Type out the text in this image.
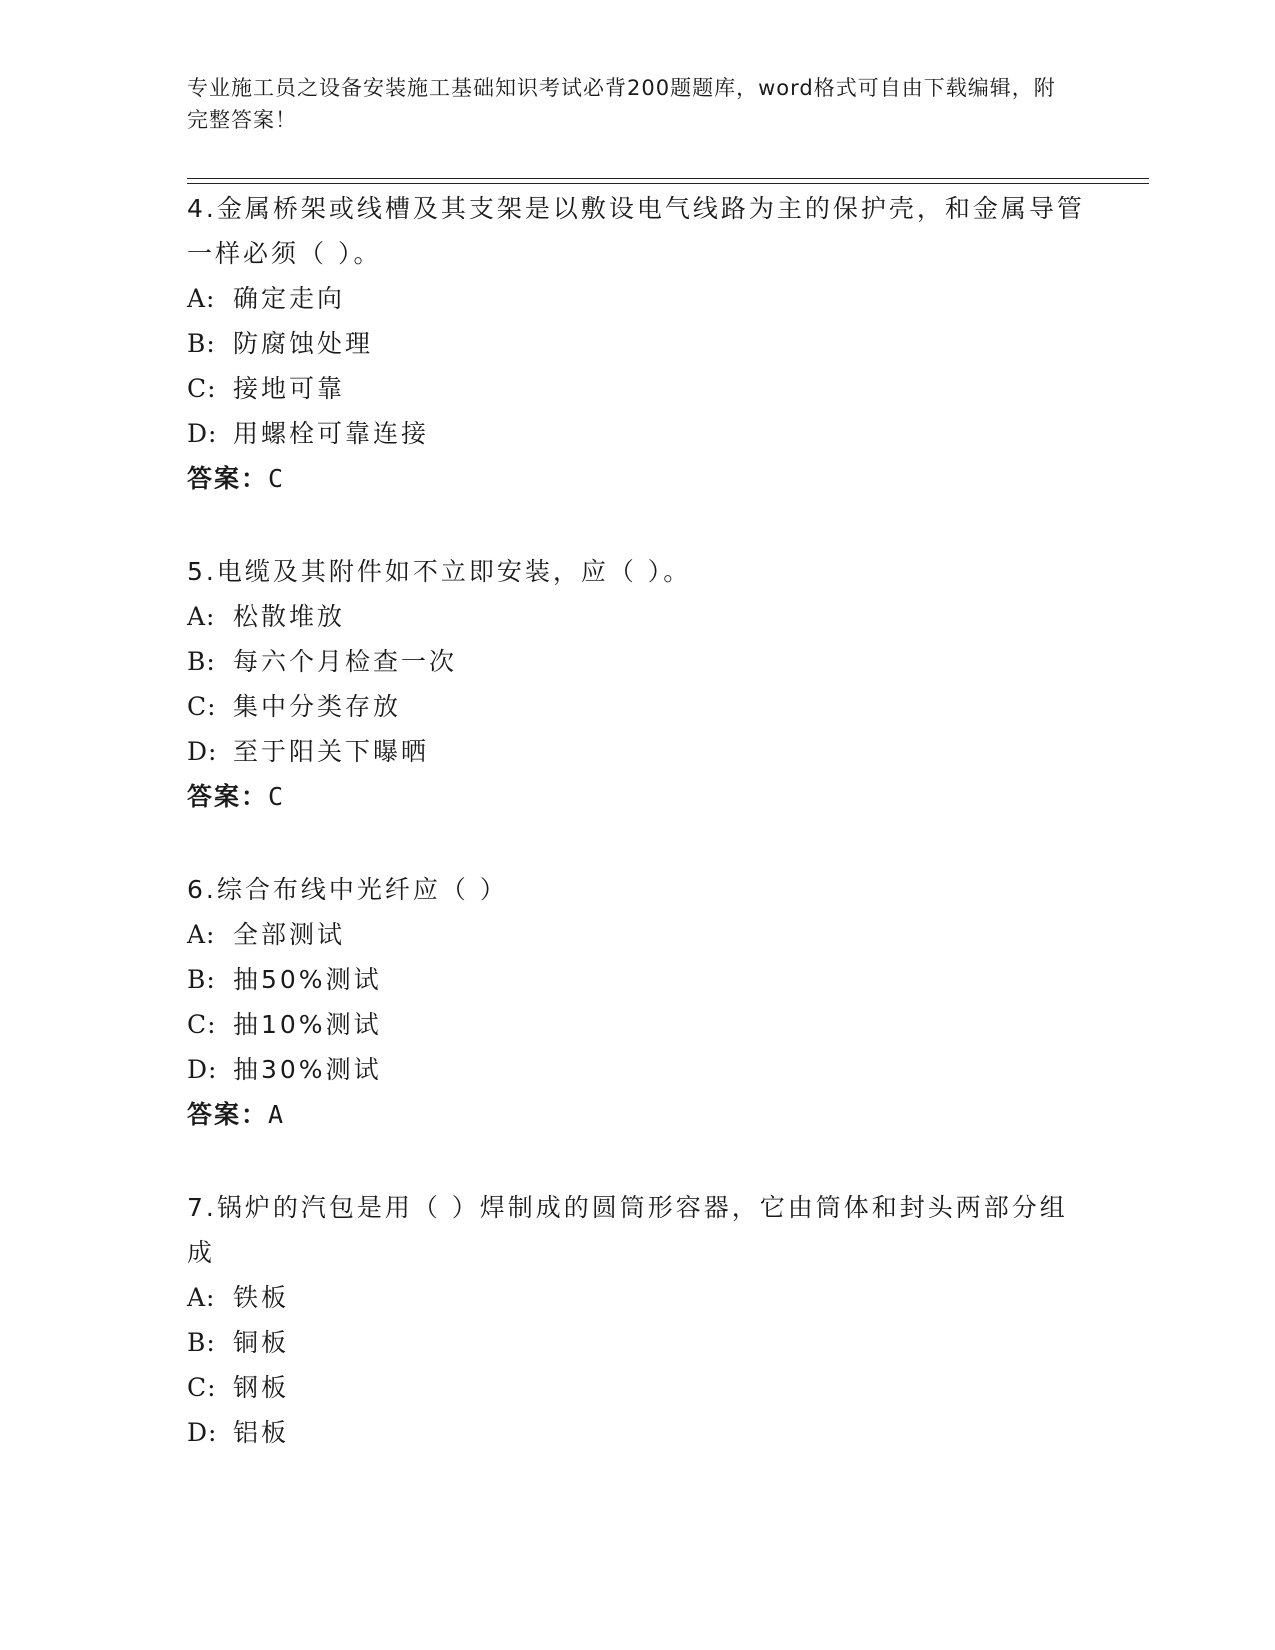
专业施工员之设备安装施工基础知识考试必背200题题库，word格式可自由下载编辑，附完整答案！

4.金属桥架或线槽及其支架是以敷设电气线路为主的保护壳，和金属导管一样必须（ ）。

A: 确定走向

B: 防腐蚀处理

C: 接地可靠

D: 用螺栓可靠连接

答案：C

5.电缆及其附件如不立即安装，应（ ）。

A: 松散堆放

B: 每六个月检查一次

C: 集中分类存放

D: 至于阳关下曝晒

答案：C

6.综合布线中光纤应（ ）

A: 全部测试

B: 抽50%测试

C: 抽10%测试

D: 抽30%测试

答案：A

7.锅炉的汽包是用（ ）焊制成的圆筒形容器，它由筒体和封头两部分组成

A: 铁板

B: 铜板

C: 钢板

D: 铝板
